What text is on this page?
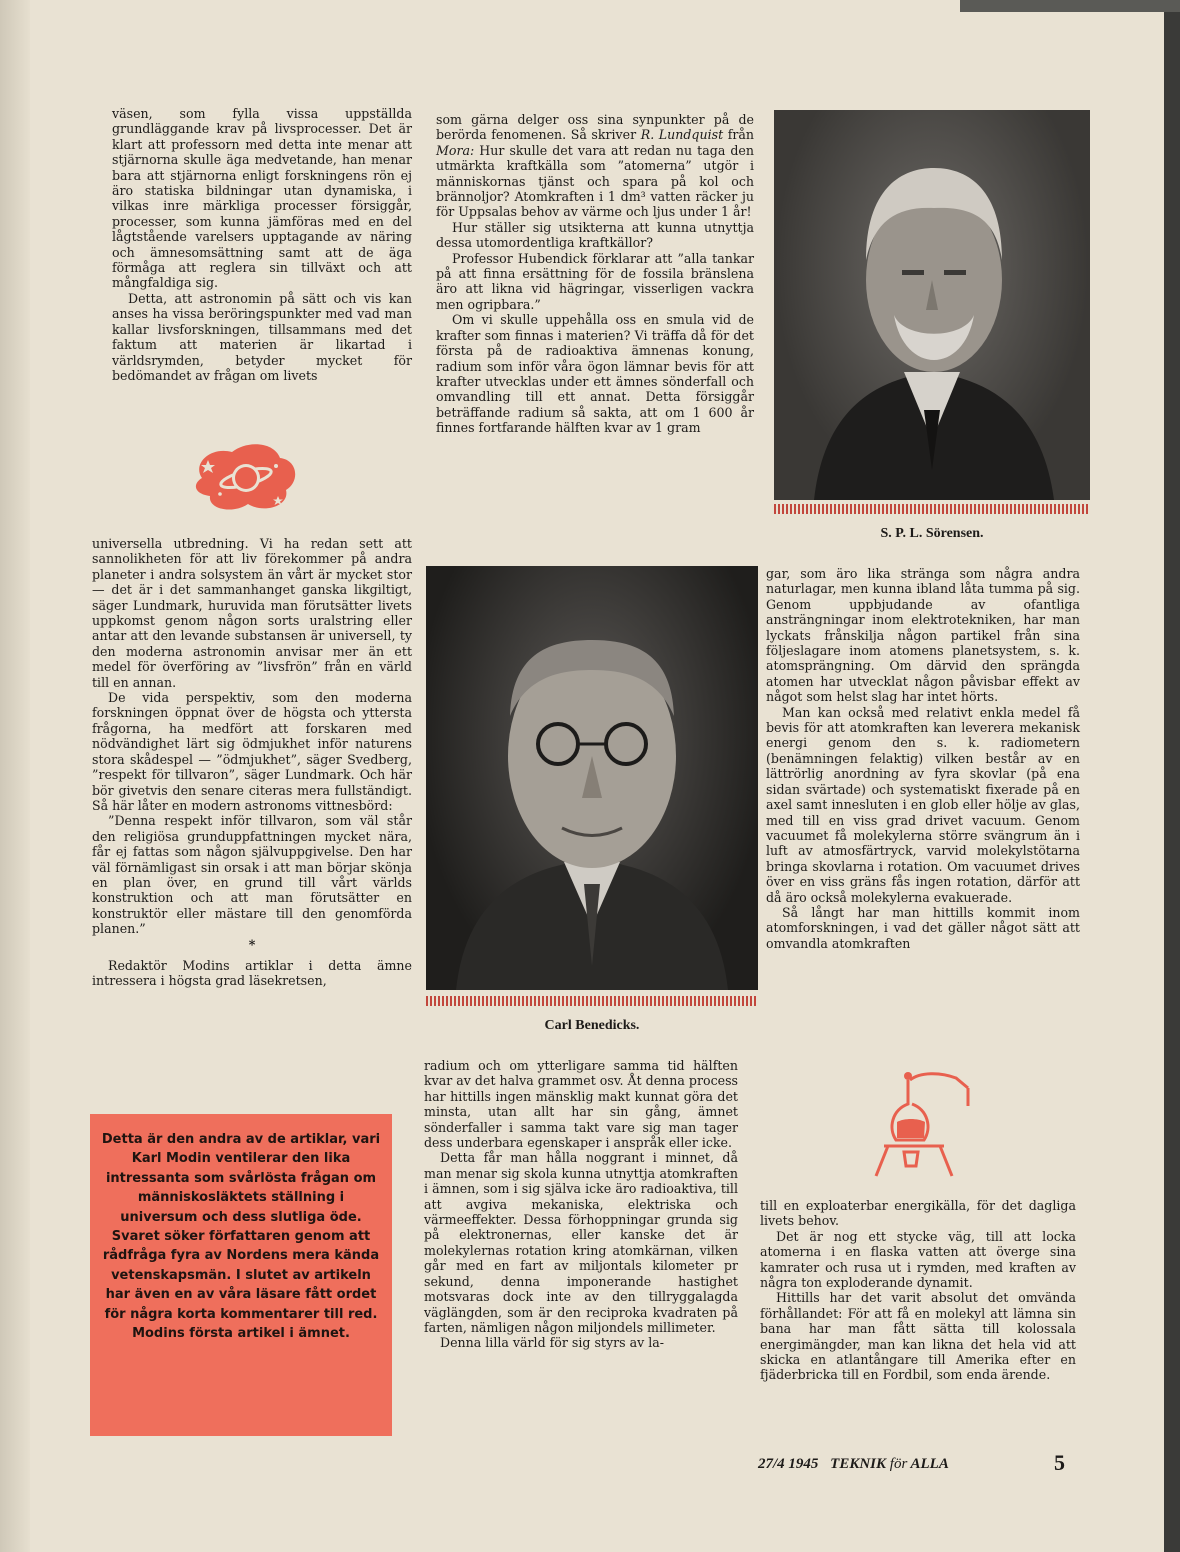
väsen, som fylla vissa uppställda grundläggande krav på livsprocesser. Det är klart att professorn med detta inte menar att stjärnorna skulle äga medvetande, han menar bara att stjärnorna enligt forskningens rön ej äro statiska bildningar utan dynamiska, i vilkas inre märkliga processer försiggår, processer, som kunna jämföras med en del lågtstående varelsers upptagande av näring och ämnesomsättning samt att de äga förmåga att reglera sin tillväxt och att mångfaldiga sig.

Detta, att astronomin på sätt och vis kan anses ha vissa beröringspunkter med vad man kallar livsforskningen, tillsammans med det faktum att materien är likartad i världsrymden, betyder mycket för bedömandet av frågan om livets

universella utbredning. Vi ha redan sett att sannolikheten för att liv förekommer på andra planeter i andra solsystem än vårt är mycket stor — det är i det sammanhanget ganska likgiltigt, säger Lundmark, huruvida man förutsätter livets uppkomst genom någon sorts uralstring eller antar att den levande substansen är universell, ty den moderna astronomin anvisar mer än ett medel för överföring av ”livsfrön” från en värld till en annan.

De vida perspektiv, som den moderna forskningen öppnat över de högsta och yttersta frågorna, ha medfört att forskaren med nödvändighet lärt sig ödmjukhet inför naturens stora skådespel — ”ödmjukhet”, säger Svedberg, ”respekt för tillvaron”, säger Lundmark. Och här bör givetvis den senare citeras mera fullständigt. Så här låter en modern astronoms vittnesbörd:

”Denna respekt inför tillvaron, som väl står den religiösa grunduppfattningen mycket nära, får ej fattas som någon självuppgivelse. Den har väl förnämligast sin orsak i att man börjar skönja en plan över, en grund till vårt världs konstruktion och att man förutsätter en konstruktör eller mästare till den genomförda planen.”

*

Redaktör Modins artiklar i detta ämne intressera i högsta grad läsekretsen,

Detta är den andra av de artiklar, vari Karl Modin ventilerar den lika intressanta som svårlösta frågan om människosläktets ställning i universum och dess slutliga öde. Svaret söker författaren genom att rådfråga fyra av Nordens mera kända vetenskapsmän. I slutet av artikeln har även en av våra läsare fått ordet för några korta kommentarer till red. Modins första artikel i ämnet.

som gärna delger oss sina synpunkter på de berörda fenomenen. Så skriver R. Lundquist från Mora: Hur skulle det vara att redan nu taga den utmärkta kraftkälla som ”atomerna” utgör i människornas tjänst och spara på kol och brännoljor? Atomkraften i 1 dm³ vatten räcker ju för Uppsalas behov av värme och ljus under 1 år!

Hur ställer sig utsikterna att kunna utnyttja dessa utomordentliga kraftkällor?

Professor Hubendick förklarar att ”alla tankar på att finna ersättning för de fossila bränslena äro att likna vid hägringar, visserligen vackra men ogripbara.”

Om vi skulle uppehålla oss en smula vid de krafter som finnas i materien? Vi träffa då för det första på de radioaktiva ämnenas konung, radium som inför våra ögon lämnar bevis för att krafter utvecklas under ett ämnes sönderfall och omvandling till ett annat. Detta försiggår beträffande radium så sakta, att om 1 600 år finnes fortfarande hälften kvar av 1 gram

S. P. L. Sörensen.
Carl Benedicks.

gar, som äro lika stränga som några andra naturlagar, men kunna ibland låta tumma på sig. Genom uppbjudande av ofantliga ansträngningar inom elektrotekniken, har man lyckats frånskilja någon partikel från sina följeslagare inom atomens planetsystem, s. k. atomsprängning. Om därvid den sprängda atomen har utvecklat någon påvisbar effekt av något som helst slag har intet hörts.

Man kan också med relativt enkla medel få bevis för att atomkraften kan leverera mekanisk energi genom den s. k. radiometern (benämningen felaktig) vilken består av en lättrörlig anordning av fyra skovlar (på ena sidan svärtade) och systematiskt fixerade på en axel samt innesluten i en glob eller hölje av glas, med till en viss grad drivet vacuum. Genom vacuumet få molekylerna större svängrum än i luft av atmosfärtryck, varvid molekylstötarna bringa skovlarna i rotation. Om vacuumet drives över en viss gräns fås ingen rotation, därför att då äro också molekylerna evakuerade.

Så långt har man hittills kommit inom atomforskningen, i vad det gäller något sätt att omvandla atomkraften

radium och om ytterligare samma tid hälften kvar av det halva grammet osv. Åt denna process har hittills ingen mänsklig makt kunnat göra det minsta, utan allt har sin gång, ämnet sönderfaller i samma takt vare sig man tager dess underbara egenskaper i anspråk eller icke.

Detta får man hålla noggrant i minnet, då man menar sig skola kunna utnyttja atomkraften i ämnen, som i sig själva icke äro radioaktiva, till att avgiva mekaniska, elektriska och värmeeffekter. Dessa förhoppningar grunda sig på elektronernas, eller kanske det är molekylernas rotation kring atomkärnan, vilken går med en fart av miljontals kilometer pr sekund, denna imponerande hastighet motsvaras dock inte av den tillryggalagda väglängden, som är den reciproka kvadraten på farten, nämligen någon miljondels millimeter.

Denna lilla värld för sig styrs av la-

till en exploaterbar energikälla, för det dagliga livets behov.

Det är nog ett stycke väg, till att locka atomerna i en flaska vatten att överge sina kamrater och rusa ut i rymden, med kraften av några ton exploderande dynamit.

Hittills har det varit absolut det omvända förhållandet: För att få en molekyl att lämna sin bana har man fått sätta till kolossala energimängder, man kan likna det hela vid att skicka en atlantångare till Amerika efter en fjäderbricka till en Fordbil, som enda ärende.

27/4 1945 TEKNIK för ALLA	5
